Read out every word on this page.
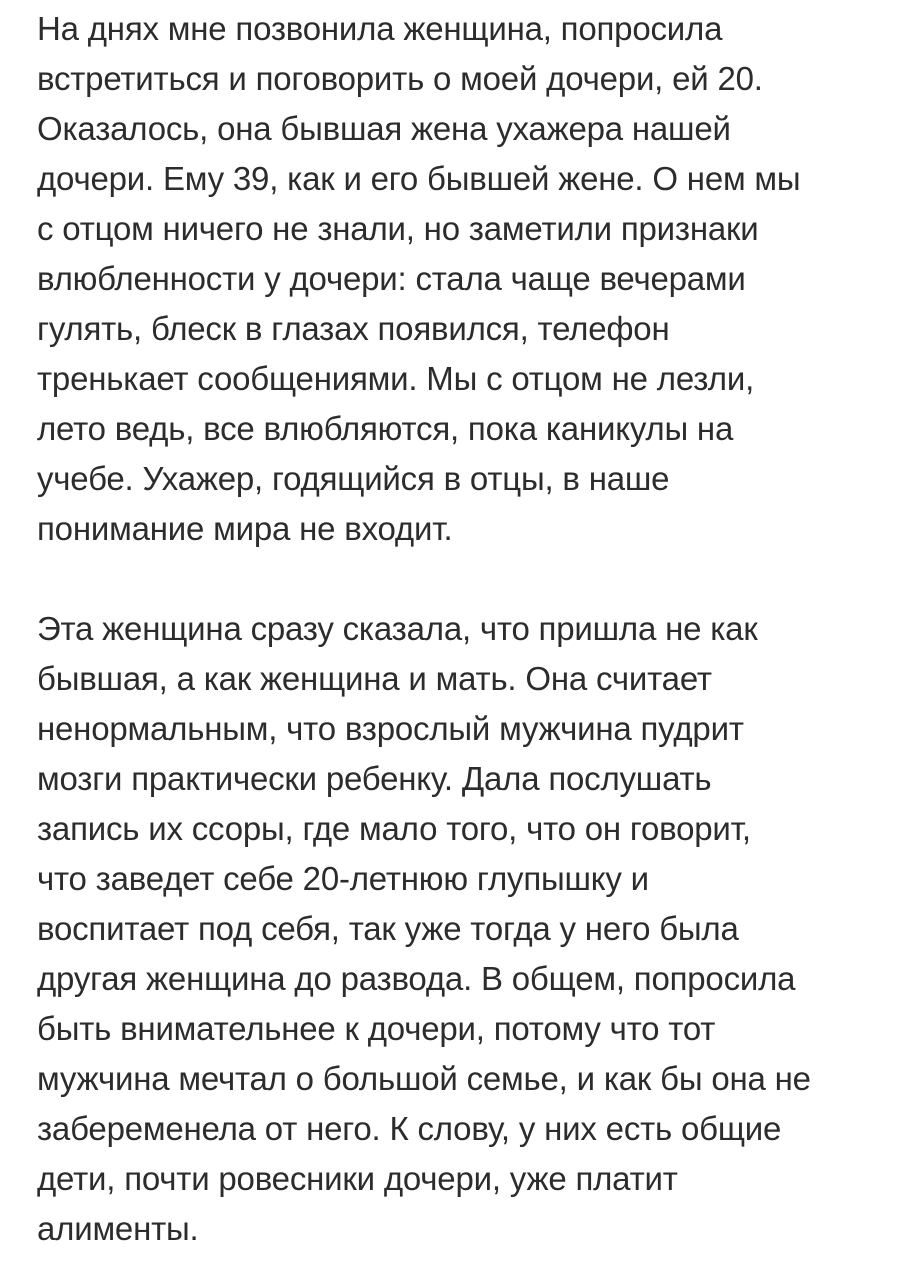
На днях мне позвонила женщина, попросила
встретиться и поговорить о моей дочери, ей 20.
Оказалось, она бывшая жена ухажера нашей
дочери. Ему 39, как и его бывшей жене. О нем мы
с отцом ничего не знали, но заметили признаки
влюбленности у дочери: стала чаще вечерами
гулять, блеск в глазах появился, телефон
тренькает сообщениями. Мы с отцом не лезли,
лето ведь, все влюбляются, пока каникулы на
учебе. Ухажер, годящийся в отцы, в наше
понимание мира не входит.
Эта женщина сразу сказала, что пришла не как
бывшая, а как женщина и мать. Она считает
ненормальным, что взрослый мужчина пудрит
мозги практически ребенку. Дала послушать
запись их ссоры, где мало того, что он говорит,
что заведет себе 20-летнюю глупышку и
воспитает под себя, так уже тогда у него была
другая женщина до развода. В общем, попросила
быть внимательнее к дочери, потому что тот
мужчина мечтал о большой семье, и как бы она не
забеременела от него. К слову, у них есть общие
дети, почти ровесники дочери, уже платит
алименты.
